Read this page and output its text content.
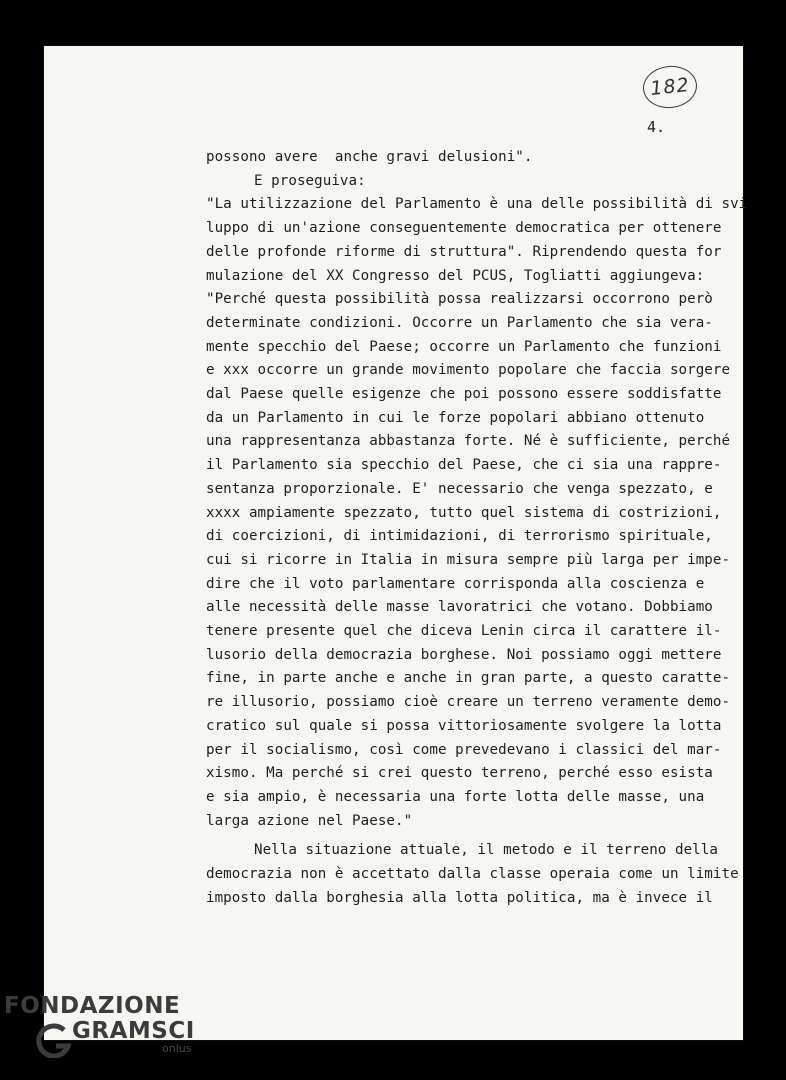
182
4.
possono avere  anche gravi delusioni".
E proseguiva:
"La utilizzazione del Parlamento è una delle possibilità di svi
luppo di un'azione conseguentemente democratica per ottenere
delle profonde riforme di struttura". Riprendendo questa for
mulazione del XX Congresso del PCUS, Togliatti aggiungeva:
"Perché questa possibilità possa realizzarsi occorrono però
determinate condizioni. Occorre un Parlamento che sia vera-
mente specchio del Paese; occorre un Parlamento che funzioni
e xxx occorre un grande movimento popolare che faccia sorgere
dal Paese quelle esigenze che poi possono essere soddisfatte
da un Parlamento in cui le forze popolari abbiano ottenuto
una rappresentanza abbastanza forte. Né è sufficiente, perché
il Parlamento sia specchio del Paese, che ci sia una rappre-
sentanza proporzionale. E' necessario che venga spezzato, e
xxxx ampiamente spezzato, tutto quel sistema di costrizioni,
di coercizioni, di intimidazioni, di terrorismo spirituale,
cui si ricorre in Italia in misura sempre più larga per impe-
dire che il voto parlamentare corrisponda alla coscienza e
alle necessità delle masse lavoratrici che votano. Dobbiamo
tenere presente quel che diceva Lenin circa il carattere il-
lusorio della democrazia borghese. Noi possiamo oggi mettere
fine, in parte anche e anche in gran parte, a questo caratte-
re illusorio, possiamo cioè creare un terreno veramente demo-
cratico sul quale si possa vittoriosamente svolgere la lotta
per il socialismo, così come prevedevano i classici del mar-
xismo. Ma perché si crei questo terreno, perché esso esista
e sia ampio, è necessaria una forte lotta delle masse, una
larga azione nel Paese."
Nella situazione attuale, il metodo e il terreno della
democrazia non è accettato dalla classe operaia come un limite
imposto dalla borghesia alla lotta politica, ma è invece il
FONDAZIONE
GRAMSCI
onlus
